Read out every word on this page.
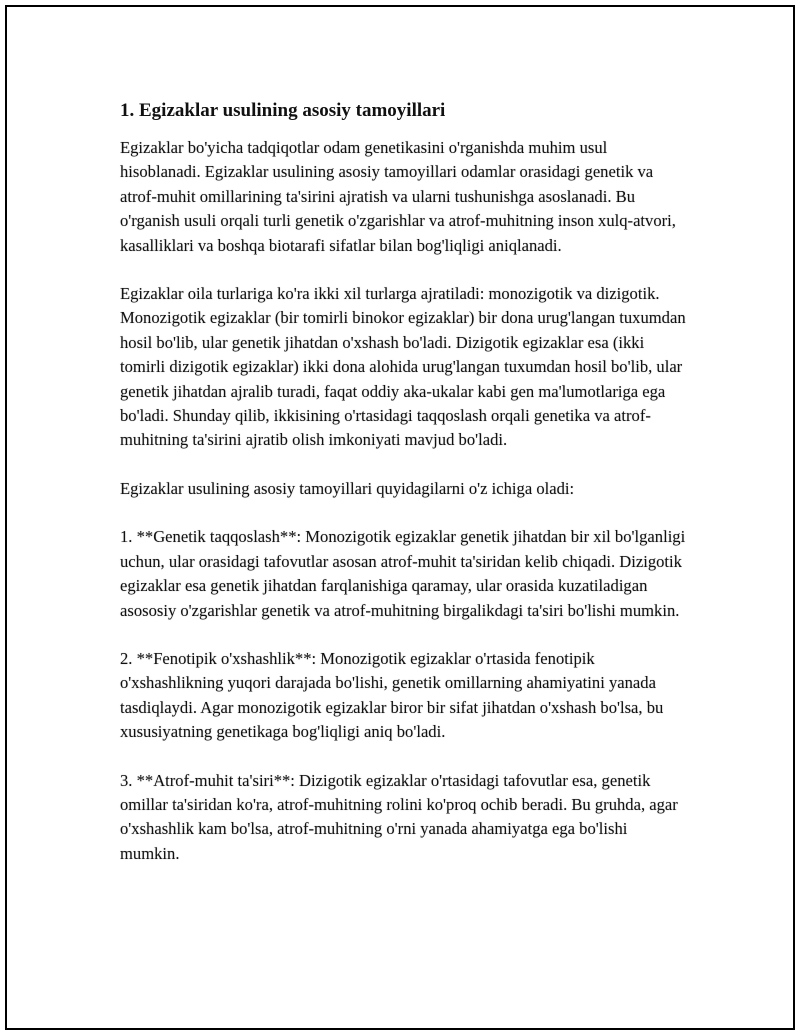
1. Egizaklar usulining asosiy tamoyillari

Egizaklar bo'yicha tadqiqotlar odam genetikasini o'rganishda muhim usul hisoblanadi. Egizaklar usulining asosiy tamoyillari odamlar orasidagi genetik va atrof-muhit omillarining ta'sirini ajratish va ularni tushunishga asoslanadi. Bu o'rganish usuli orqali turli genetik o'zgarishlar va atrof-muhitning inson xulq-atvori, kasalliklari va boshqa biotarafi sifatlar bilan bog'liqligi aniqlanadi.

Egizaklar oila turlariga ko'ra ikki xil turlarga ajratiladi: monozigotik va dizigotik. Monozigotik egizaklar (bir tomirli binokor egizaklar) bir dona urug'langan tuxumdan hosil bo'lib, ular genetik jihatdan o'xshash bo'ladi. Dizigotik egizaklar esa (ikki tomirli dizigotik egizaklar) ikki dona alohida urug'langan tuxumdan hosil bo'lib, ular genetik jihatdan ajralib turadi, faqat oddiy aka-ukalar kabi gen ma'lumotlariga ega bo'ladi. Shunday qilib, ikkisining o'rtasidagi taqqoslash orqali genetika va atrof-muhitning ta'sirini ajratib olish imkoniyati mavjud bo'ladi.

Egizaklar usulining asosiy tamoyillari quyidagilarni o'z ichiga oladi:

1. **Genetik taqqoslash**: Monozigotik egizaklar genetik jihatdan bir xil bo'lganligi uchun, ular orasidagi tafovutlar asosan atrof-muhit ta'siridan kelib chiqadi. Dizigotik egizaklar esa genetik jihatdan farqlanishiga qaramay, ular orasida kuzatiladigan asososiy o'zgarishlar genetik va atrof-muhitning birgalikdagi ta'siri bo'lishi mumkin.

2. **Fenotipik o'xshashlik**: Monozigotik egizaklar o'rtasida fenotipik o'xshashlikning yuqori darajada bo'lishi, genetik omillarning ahamiyatini yanada tasdiqlaydi. Agar monozigotik egizaklar biror bir sifat jihatdan o'xshash bo'lsa, bu xususiyatning genetikaga bog'liqligi aniq bo'ladi.

3. **Atrof-muhit ta'siri**: Dizigotik egizaklar o'rtasidagi tafovutlar esa, genetik omillar ta'siridan ko'ra, atrof-muhitning rolini ko'proq ochib beradi. Bu gruhda, agar o'xshashlik kam bo'lsa, atrof-muhitning o'rni yanada ahamiyatga ega bo'lishi mumkin.
